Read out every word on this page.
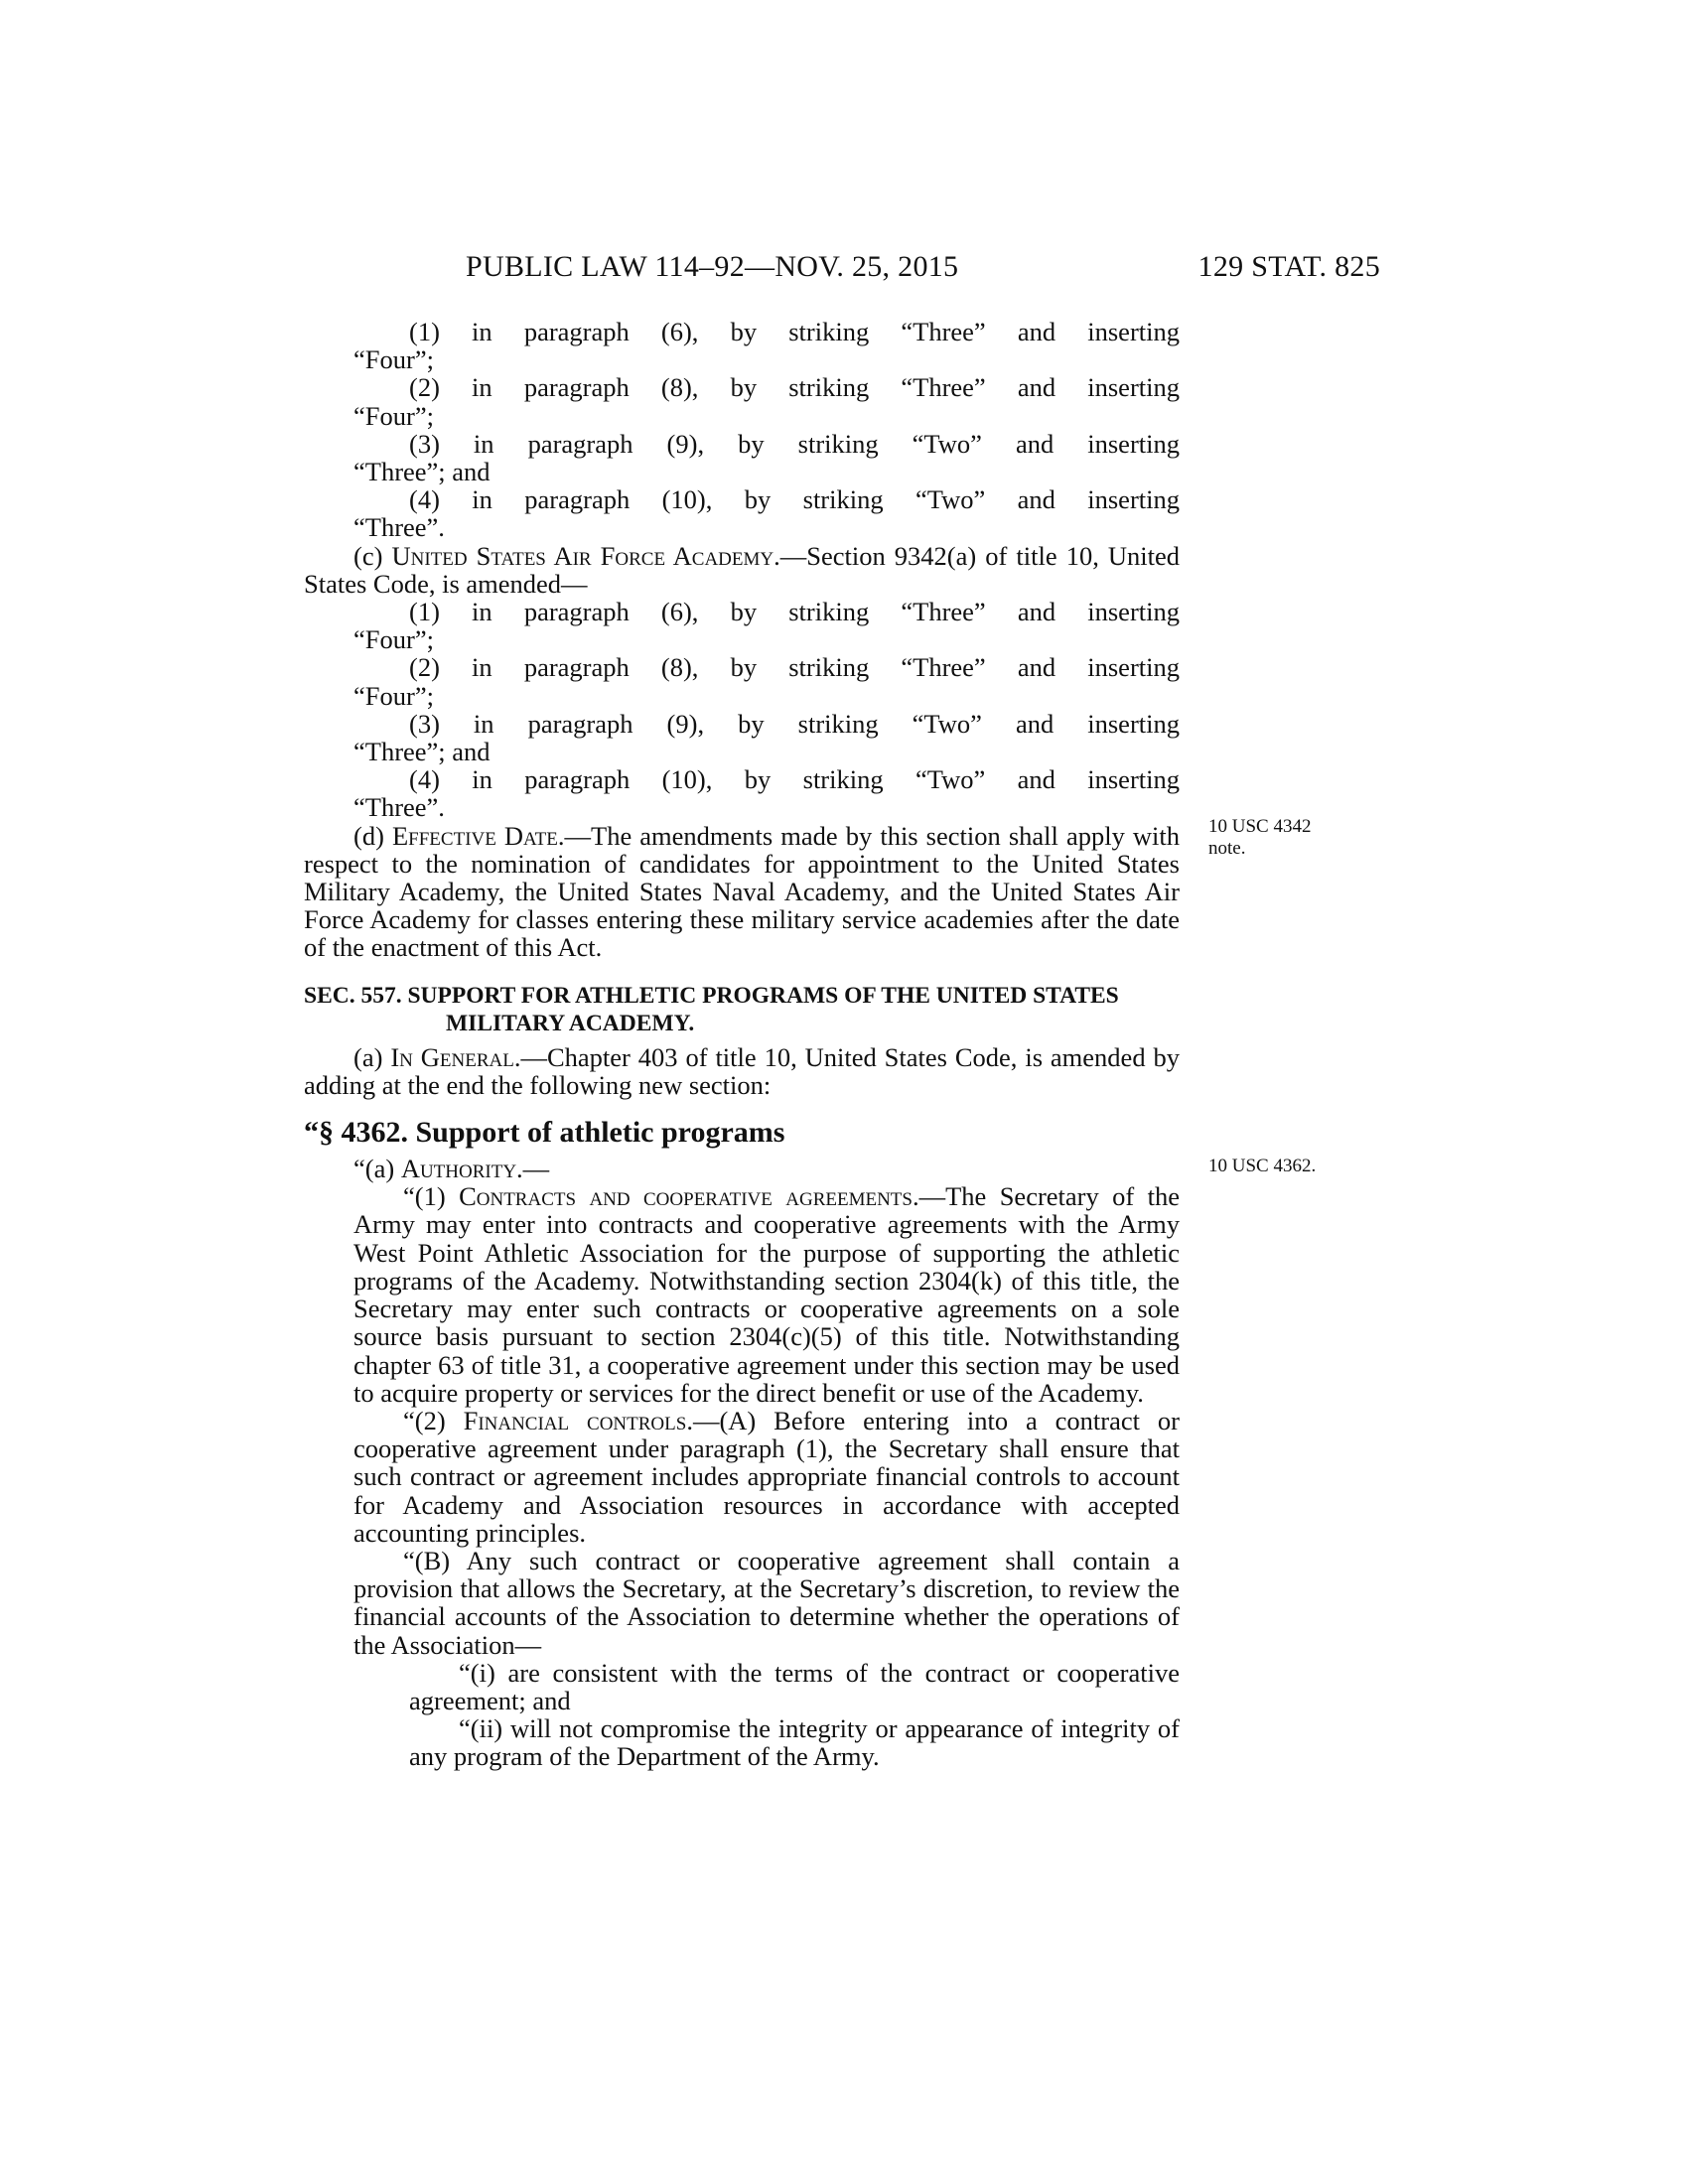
PUBLIC LAW 114–92—NOV. 25, 2015	129 STAT. 825
(1) in paragraph (6), by striking “Three” and inserting
“Four”;
(2) in paragraph (8), by striking “Three” and inserting
“Four”;
(3) in paragraph (9), by striking “Two” and inserting
“Three”; and
(4) in paragraph (10), by striking “Two” and inserting
“Three”.

(c) United States Air Force Academy.—Section 9342(a) of title 10, United States Code, is amended—

(1) in paragraph (6), by striking “Three” and inserting
“Four”;
(2) in paragraph (8), by striking “Three” and inserting
“Four”;
(3) in paragraph (9), by striking “Two” and inserting
“Three”; and
(4) in paragraph (10), by striking “Two” and inserting
“Three”.

(d) Effective Date.—The amendments made by this section shall apply with respect to the nomination of candidates for appointment to the United States Military Academy, the United States Naval Academy, and the United States Air Force Academy for classes entering these military service academies after the date of the enactment of this Act.

SEC. 557. SUPPORT FOR ATHLETIC PROGRAMS OF THE UNITED STATES
MILITARY ACADEMY.

(a) In General.—Chapter 403 of title 10, United States Code, is amended by adding at the end the following new section:

“§ 4362. Support of athletic programs

“(a) Authority.—

“(1) Contracts and cooperative agreements.—The Secretary of the Army may enter into contracts and cooperative agreements with the Army West Point Athletic Association for the purpose of supporting the athletic programs of the Academy. Notwithstanding section 2304(k) of this title, the Secretary may enter such contracts or cooperative agreements on a sole source basis pursuant to section 2304(c)(5) of this title. Notwithstanding chapter 63 of title 31, a cooperative agreement under this section may be used to acquire property or services for the direct benefit or use of the Academy.

“(2) Financial controls.—(A) Before entering into a contract or cooperative agreement under paragraph (1), the Secretary shall ensure that such contract or agreement includes appropriate financial controls to account for Academy and Association resources in accordance with accepted accounting principles.

“(B) Any such contract or cooperative agreement shall contain a provision that allows the Secretary, at the Secretary’s discretion, to review the financial accounts of the Association to determine whether the operations of the Association—

“(i) are consistent with the terms of the contract or cooperative agreement; and

“(ii) will not compromise the integrity or appearance of integrity of any program of the Department of the Army.

10 USC 4342
note.
10 USC 4362.
